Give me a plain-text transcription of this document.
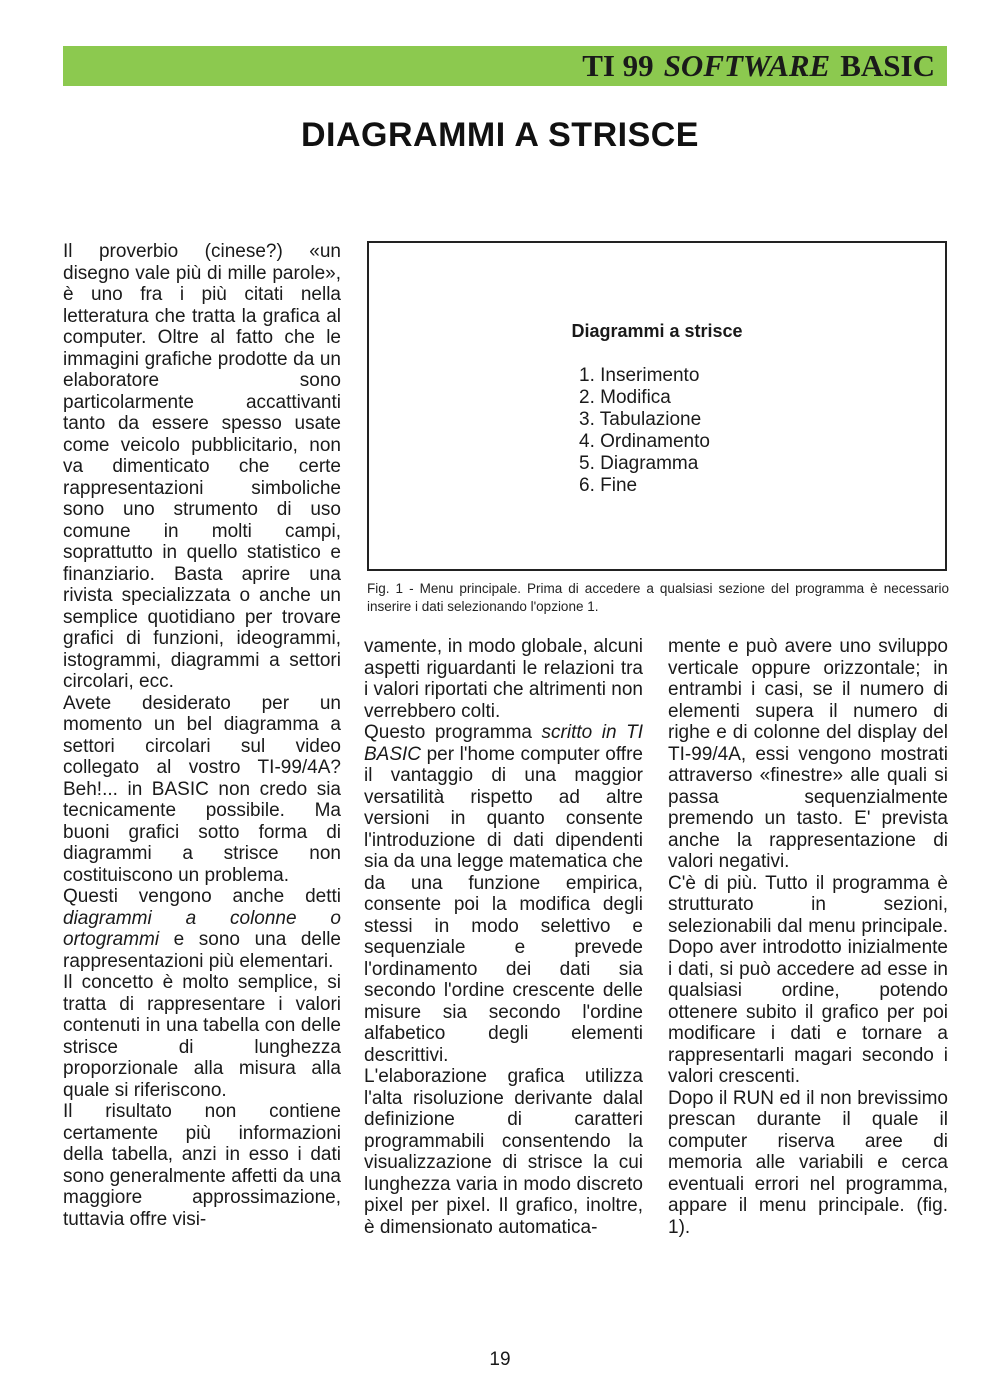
TI 99 SOFTWARE BASIC
DIAGRAMMI A STRISCE

Il proverbio (cinese?) «un disegno vale più di mille parole», è uno fra i più citati nella letteratura che tratta la grafica al computer. Oltre al fatto che le immagini grafiche prodotte da un elaboratore sono particolarmente accattivanti tanto da essere spesso usate come veicolo pubblicitario, non va dimenticato che certe rappresentazioni simboliche sono uno strumento di uso comune in molti campi, soprattutto in quello statistico e finanziario. Basta aprire una rivista specializzata o anche un semplice quotidiano per trovare grafici di funzioni, ideogrammi, istogrammi, diagrammi a settori circolari, ecc.

Avete desiderato per un momento un bel diagramma a settori circolari sul video collegato al vostro TI-99/4A? Beh!... in BASIC non credo sia tecnicamente possibile. Ma buoni grafici sotto forma di diagrammi a strisce non costituiscono un problema.

Questi vengono anche detti diagrammi a colonne o ortogrammi e sono una delle rappresentazioni più elementari.

Il concetto è molto semplice, si tratta di rappresentare i valori contenuti in una tabella con delle strisce di lunghezza proporzionale alla misura alla quale si riferiscono.

Il risultato non contiene certamente più informazioni della tabella, anzi in esso i dati sono generalmente affetti da una maggiore approssimazione, tuttavia offre visi-

Diagrammi a strisce
1. Inserimento
2. Modifica
3. Tabulazione
4. Ordinamento
5. Diagramma
6. Fine
Fig. 1 - Menu principale. Prima di accedere a qualsiasi sezione del programma è necessario inserire i dati selezionando l'opzione 1.

vamente, in modo globale, alcuni aspetti riguardanti le relazioni tra i valori riportati che altrimenti non verrebbero colti.

Questo programma scritto in TI BASIC per l'home computer offre il vantaggio di una maggior versatilità rispetto ad altre versioni in quanto consente l'introduzione di dati dipendenti sia da una legge matematica che da una funzione empirica, consente poi la modifica degli stessi in modo selettivo e sequenziale e prevede l'ordinamento dei dati sia secondo l'ordine crescente delle misure sia secondo l'ordine alfabetico degli elementi descrittivi.

L'elaborazione grafica utilizza l'alta risoluzione derivante dalal definizione di caratteri programmabili consentendo la visualizzazione di strisce la cui lunghezza varia in modo discreto pixel per pixel. Il grafico, inoltre, è dimensionato automatica-

mente e può avere uno sviluppo verticale oppure orizzontale; in entrambi i casi, se il numero di elementi supera il numero di righe e di colonne del display del TI-99/4A, essi vengono mostrati attraverso «finestre» alle quali si passa sequenzialmente premendo un tasto. E' prevista anche la rappresentazione di valori negativi.

C'è di più. Tutto il programma è strutturato in sezioni, selezionabili dal menu principale. Dopo aver introdotto inizialmente i dati, si può accedere ad esse in qualsiasi ordine, potendo ottenere subito il grafico per poi modificare i dati e tornare a rappresentarli magari secondo i valori crescenti.

Dopo il RUN ed il non brevissimo prescan durante il quale il computer riserva aree di memoria alle variabili e cerca eventuali errori nel programma, appare il menu principale. (fig. 1).

19
